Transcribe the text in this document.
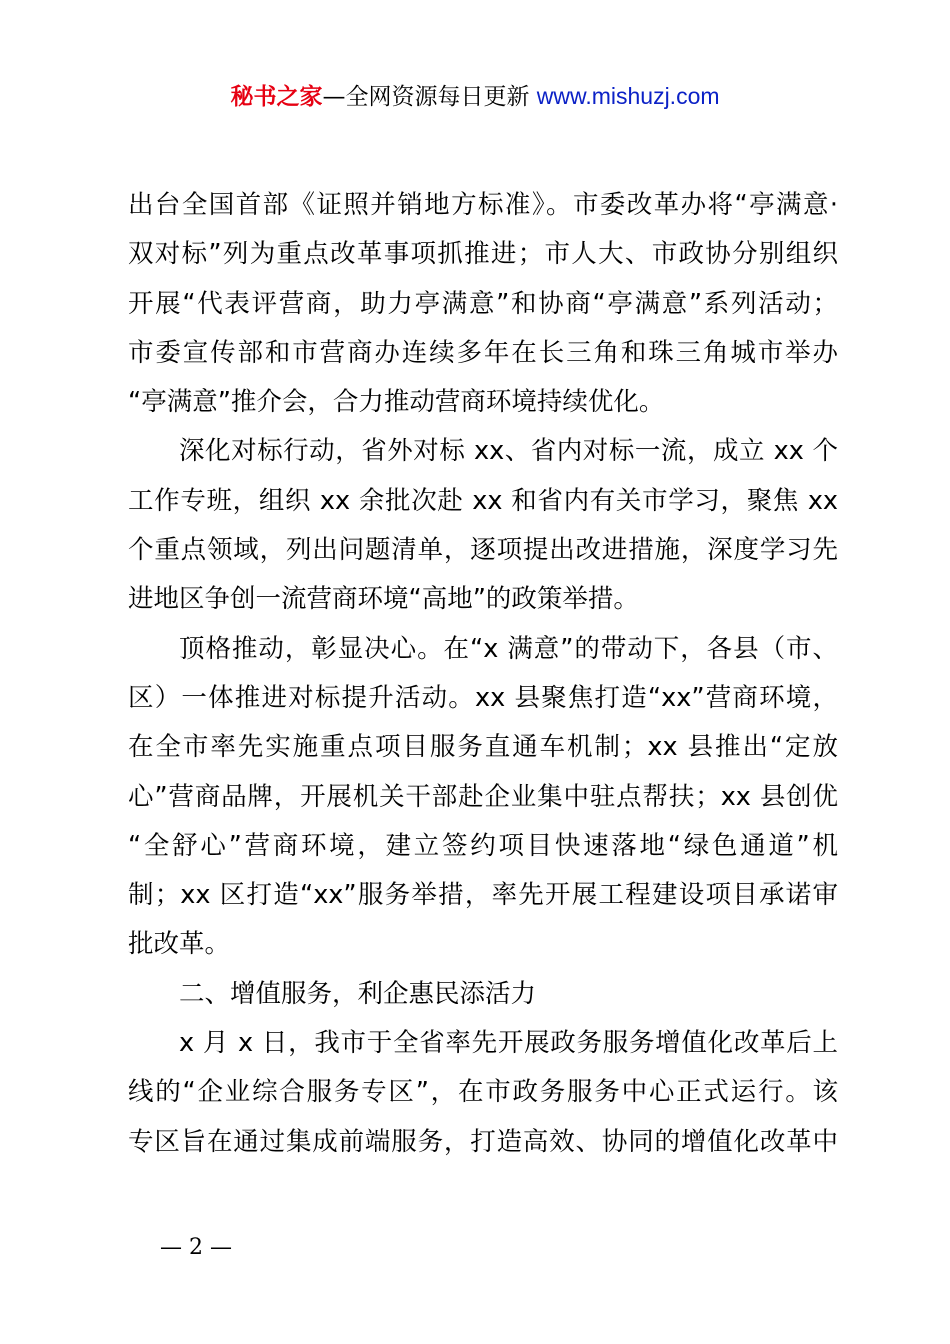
秘书之家—全网资源每日更新 www.mishuzj.com
出台全国首部《证照并销地方标准》。市委改革办将“亭满意·
双对标”列为重点改革事项抓推进；市人大、市政协分别组织
开展“代表评营商，助力亭满意”和协商“亭满意”系列活动；
市委宣传部和市营商办连续多年在长三角和珠三角城市举办
“亭满意”推介会，合力推动营商环境持续优化。
深化对标行动，省外对标 xx、省内对标一流，成立 xx 个
工作专班，组织 xx 余批次赴 xx 和省内有关市学习，聚焦 xx
个重点领域，列出问题清单，逐项提出改进措施，深度学习先
进地区争创一流营商环境“高地”的政策举措。
顶格推动，彰显决心。在“x 满意”的带动下，各县（市、
区）一体推进对标提升活动。xx 县聚焦打造“xx”营商环境，
在全市率先实施重点项目服务直通车机制；xx 县推出“定放
心”营商品牌，开展机关干部赴企业集中驻点帮扶；xx 县创优
“全舒心”营商环境，建立签约项目快速落地“绿色通道”机
制；xx 区打造“xx”服务举措，率先开展工程建设项目承诺审
批改革。
二、增值服务，利企惠民添活力
x 月 x 日，我市于全省率先开展政务服务增值化改革后上
线的“企业综合服务专区”，在市政务服务中心正式运行。该
专区旨在通过集成前端服务，打造高效、协同的增值化改革中
— 2 —
